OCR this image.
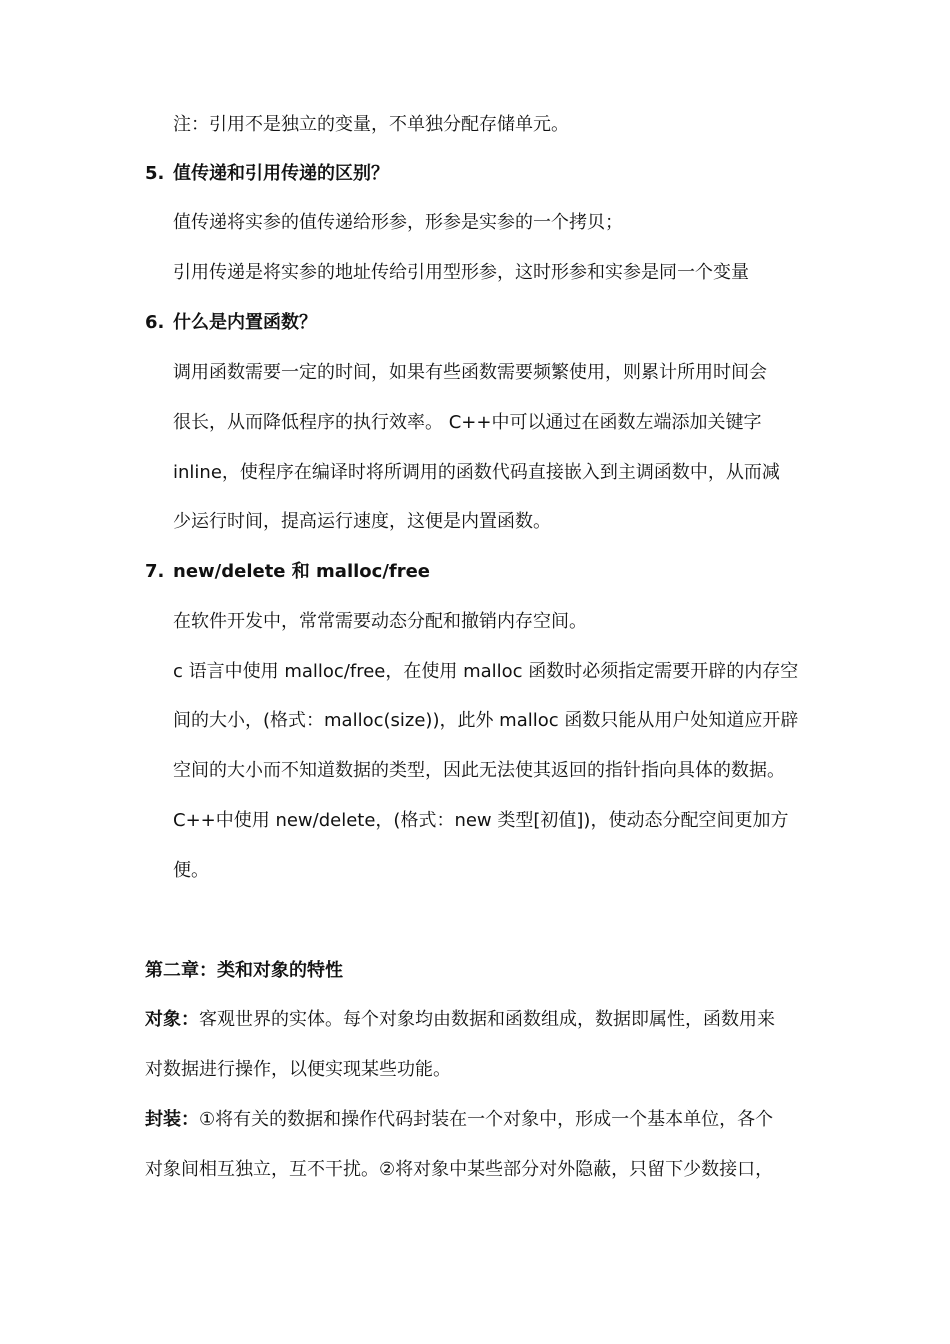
注：引用不是独立的变量，不单独分配存储单元。
5. 值传递和引用传递的区别？
值传递将实参的值传递给形参，形参是实参的一个拷贝；
引用传递是将实参的地址传给引用型形参，这时形参和实参是同一个变量
6. 什么是内置函数？
调用函数需要一定的时间，如果有些函数需要频繁使用，则累计所用时间会
很长，从而降低程序的执行效率。 C++中可以通过在函数左端添加关键字
inline，使程序在编译时将所调用的函数代码直接嵌入到主调函数中，从而减
少运行时间，提高运行速度，这便是内置函数。
7. new/delete 和 malloc/free
在软件开发中，常常需要动态分配和撤销内存空间。
c 语言中使用 malloc/free，在使用 malloc 函数时必须指定需要开辟的内存空
间的大小，(格式：malloc(size))，此外 malloc 函数只能从用户处知道应开辟
空间的大小而不知道数据的类型，因此无法使其返回的指针指向具体的数据。
C++中使用 new/delete，(格式：new 类型[初值])，使动态分配空间更加方
便。
第二章：类和对象的特性
对象：客观世界的实体。每个对象均由数据和函数组成，数据即属性，函数用来
对数据进行操作，以便实现某些功能。
封装：①将有关的数据和操作代码封装在一个对象中，形成一个基本单位，各个
对象间相互独立，互不干扰。②将对象中某些部分对外隐蔽，只留下少数接口，
